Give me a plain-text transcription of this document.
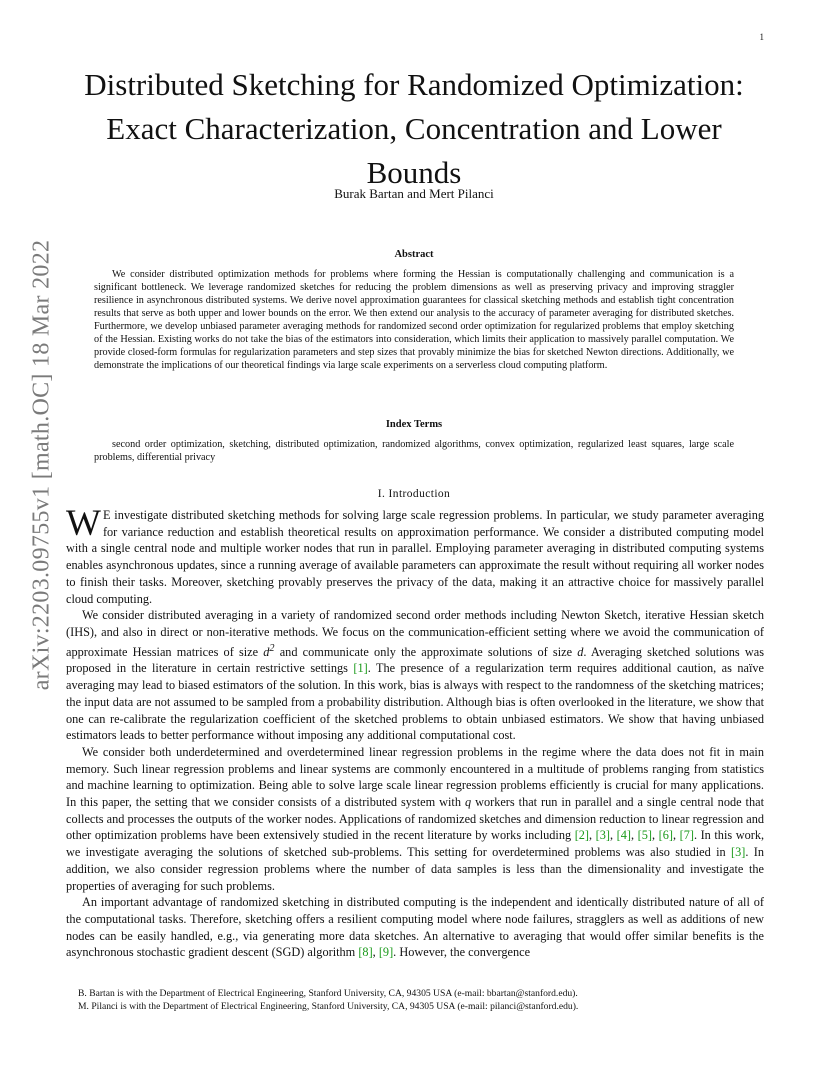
1
arXiv:2203.09755v1 [math.OC] 18 Mar 2022
Distributed Sketching for Randomized Optimization: Exact Characterization, Concentration and Lower Bounds
Burak Bartan and Mert Pilanci
Abstract

We consider distributed optimization methods for problems where forming the Hessian is computationally challenging and communication is a significant bottleneck. We leverage randomized sketches for reducing the problem dimensions as well as preserving privacy and improving straggler resilience in asynchronous distributed systems. We derive novel approximation guarantees for classical sketching methods and establish tight concentration results that serve as both upper and lower bounds on the error. We then extend our analysis to the accuracy of parameter averaging for distributed sketches. Furthermore, we develop unbiased parameter averaging methods for randomized second order optimization for regularized problems that employ sketching of the Hessian. Existing works do not take the bias of the estimators into consideration, which limits their application to massively parallel computation. We provide closed-form formulas for regularization parameters and step sizes that provably minimize the bias for sketched Newton directions. Additionally, we demonstrate the implications of our theoretical findings via large scale experiments on a serverless cloud computing platform.

Index Terms

second order optimization, sketching, distributed optimization, randomized algorithms, convex optimization, regularized least squares, large scale problems, differential privacy

I. Introduction

W E investigate distributed sketching methods for solving large scale regression problems. In particular, we study parameter averaging for variance reduction and establish theoretical results on approximation performance. We consider a distributed computing model with a single central node and multiple worker nodes that run in parallel. Employing parameter averaging in distributed computing systems enables asynchronous updates, since a running average of available parameters can approximate the result without requiring all worker nodes to finish their tasks. Moreover, sketching provably preserves the privacy of the data, making it an attractive choice for massively parallel cloud computing.

We consider distributed averaging in a variety of randomized second order methods including Newton Sketch, iterative Hessian sketch (IHS), and also in direct or non-iterative methods. We focus on the communication-efficient setting where we avoid the communication of approximate Hessian matrices of size $d^2$ and communicate only the approximate solutions of size d. Averaging sketched solutions was proposed in the literature in certain restrictive settings [1]. The presence of a regularization term requires additional caution, as naïve averaging may lead to biased estimators of the solution. In this work, bias is always with respect to the randomness of the sketching matrices; the input data are not assumed to be sampled from a probability distribution. Although bias is often overlooked in the literature, we show that one can re-calibrate the regularization coefficient of the sketched problems to obtain unbiased estimators. We show that having unbiased estimators leads to better performance without imposing any additional computational cost.

We consider both underdetermined and overdetermined linear regression problems in the regime where the data does not fit in main memory. Such linear regression problems and linear systems are commonly encountered in a multitude of problems ranging from statistics and machine learning to optimization. Being able to solve large scale linear regression problems efficiently is crucial for many applications. In this paper, the setting that we consider consists of a distributed system with q workers that run in parallel and a single central node that collects and processes the outputs of the worker nodes. Applications of randomized sketches and dimension reduction to linear regression and other optimization problems have been extensively studied in the recent literature by works including [2], [3], [4], [5], [6], [7]. In this work, we investigate averaging the solutions of sketched sub-problems. This setting for overdetermined problems was also studied in [3]. In addition, we also consider regression problems where the number of data samples is less than the dimensionality and investigate the properties of averaging for such problems.

An important advantage of randomized sketching in distributed computing is the independent and identically distributed nature of all of the computational tasks. Therefore, sketching offers a resilient computing model where node failures, stragglers as well as additions of new nodes can be easily handled, e.g., via generating more data sketches. An alternative to averaging that would offer similar benefits is the asynchronous stochastic gradient descent (SGD) algorithm [8], [9]. However, the convergence

B. Bartan is with the Department of Electrical Engineering, Stanford University, CA, 94305 USA (e-mail: bbartan@stanford.edu).
M. Pilanci is with the Department of Electrical Engineering, Stanford University, CA, 94305 USA (e-mail: pilanci@stanford.edu).
